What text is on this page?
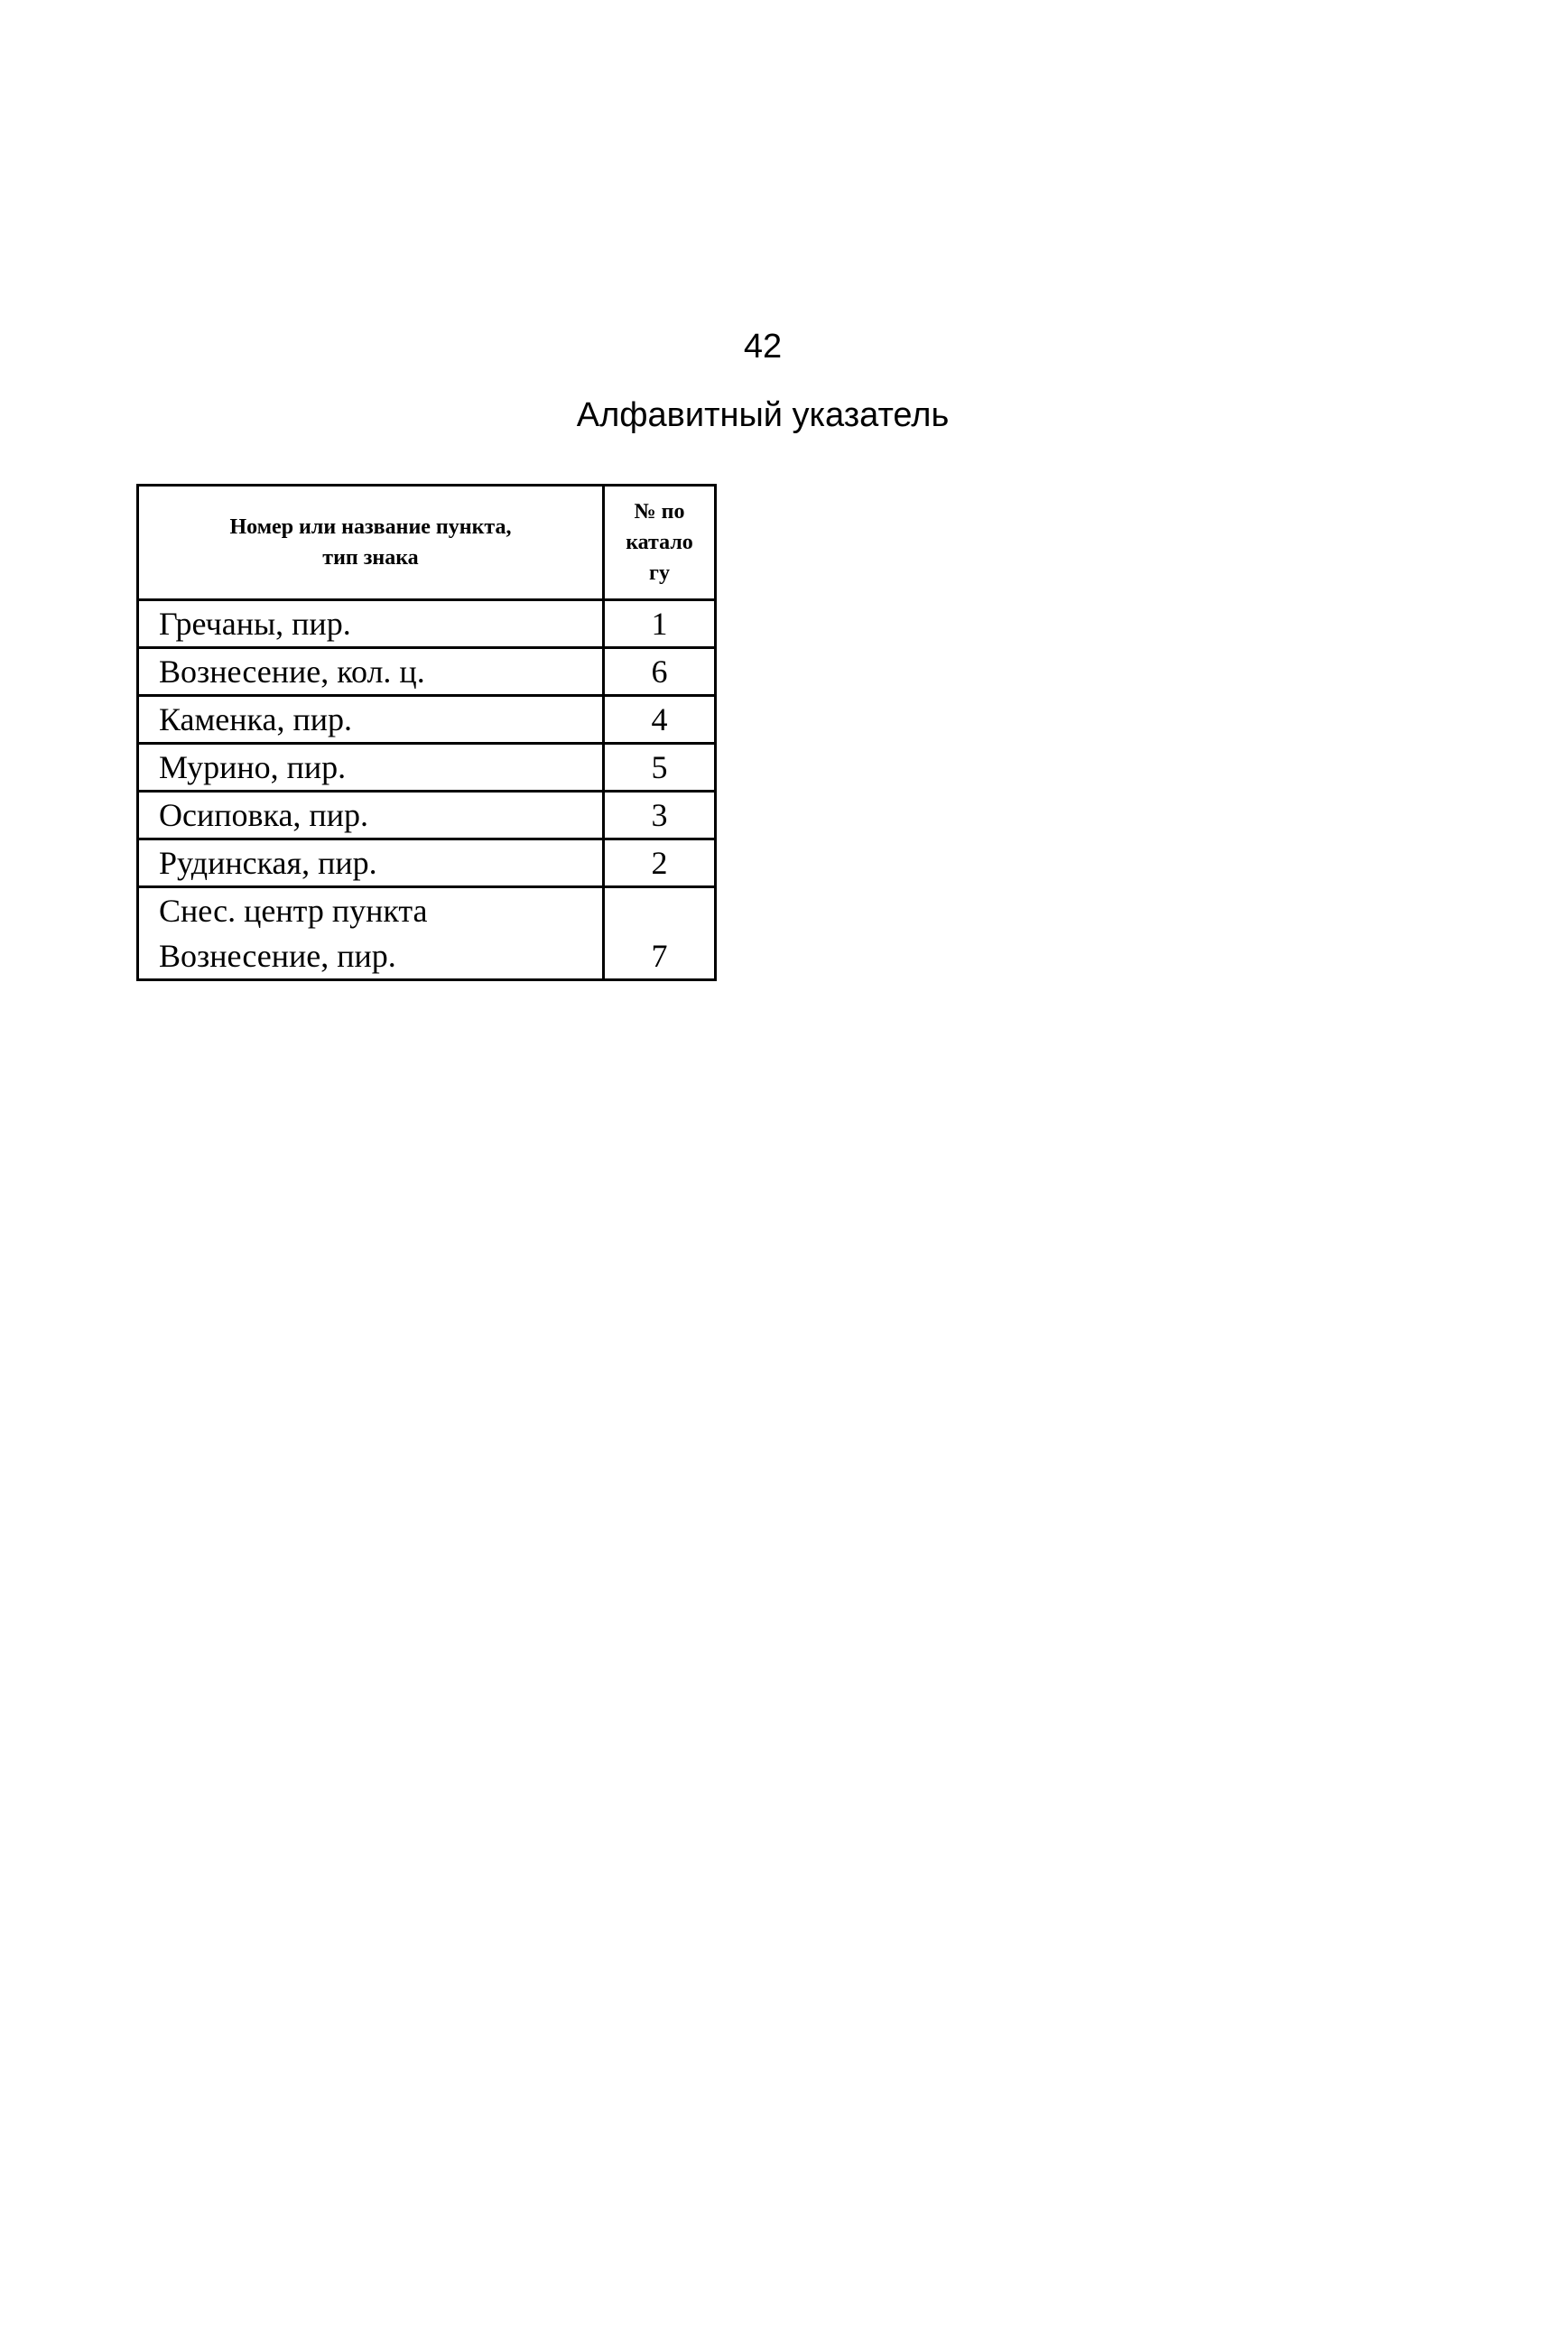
42
Алфавитный указатель
Номер или название пункта,
тип знака	№ по
катало
гу

Гречаны, пир.	1

Вознесение, кол. ц.	6

Каменка, пир.	4

Мурино, пир.	5

Осиповка, пир.	3

Рудинская, пир.	2

Снес. центр пункта
Вознесение, пир.	7
